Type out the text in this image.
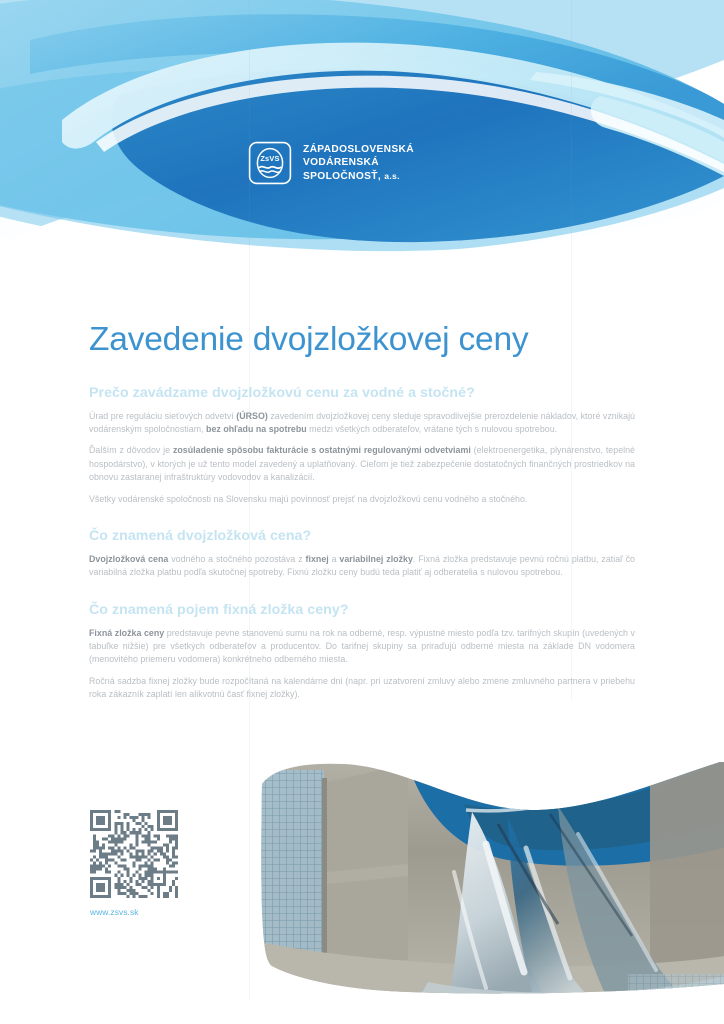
ZsVS
ZÁPADOSLOVENSKÁ
VODÁRENSKÁ
SPOLOČNOSŤ, a.s.
Zavedenie dvojzložkovej ceny
Prečo zavádzame dvojzložkovú cenu za vodné a stočné?

Úrad pre reguláciu sieťových odvetví (ÚRSO) zavedením dvojzložkovej ceny sleduje spravodlivejšie prerozdelenie nákladov, ktoré vznikajú vodárenským spoločnostiam, bez ohľadu na spotrebu medzi všetkých odberateľov, vrátane tých s nulovou spotrebou.

Ďalším z dôvodov je zosúladenie spôsobu fakturácie s ostatnými regulovanými odvetviami (elektroenergetika, plynárenstvo, tepelné hospodárstvo), v ktorých je už tento model zavedený a uplatňovaný. Cieľom je tiež zabezpečenie dostatočných finančných prostriedkov na obnovu zastaranej infraštruktúry vodovodov a kanalizácií.

Všetky vodárenské spoločnosti na Slovensku majú povinnosť prejsť na dvojzložkovú cenu vodného a stočného.

Čo znamená dvojzložková cena?

Dvojzložková cena vodného a stočného pozostáva z fixnej a variabilnej zložky. Fixná zložka predstavuje pevnú ročnú platbu, zatiaľ čo variabilná zložka platbu podľa skutočnej spotreby. Fixnú zložku ceny budú teda platiť aj odberatelia s nulovou spotrebou.

Čo znamená pojem fixná zložka ceny?

Fixná zložka ceny predstavuje pevne stanovenú sumu na rok na odberné, resp. výpustné miesto podľa tzv. tarifných skupín (uvedených v tabuľke nižšie) pre všetkých odberateľov a producentov. Do tarifnej skupiny sa priraďujú odberné miesta na základe DN vodomera (menovitého priemeru vodomera) konkrétneho odberného miesta.

Ročná sadzba fixnej zložky bude rozpočítaná na kalendárne dni (napr. pri uzatvorení zmluvy alebo zmene zmluvného partnera v priebehu roka zákazník zaplatí len alikvotnú časť fixnej zložky).

www.zsvs.sk
